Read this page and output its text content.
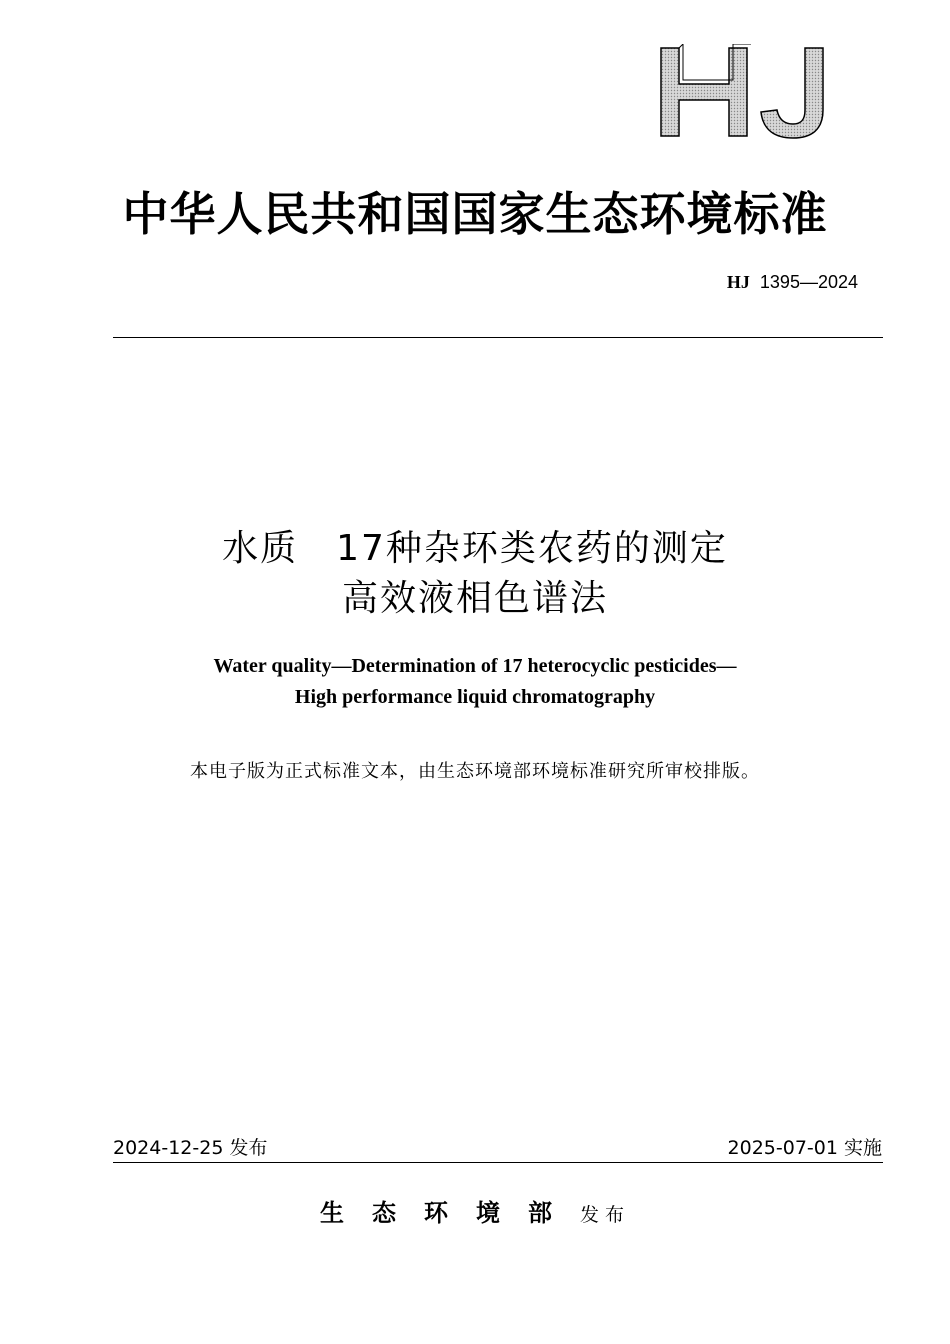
中华人民共和国国家生态环境标准
HJ 1395—2024
水质　17种杂环类农药的测定
高效液相色谱法
Water quality—Determination of 17 heterocyclic pesticides—
High performance liquid chromatography
本电子版为正式标准文本，由生态环境部环境标准研究所审校排版。
2024-12-25 发布	2025-07-01 实施
生态环境部发布
